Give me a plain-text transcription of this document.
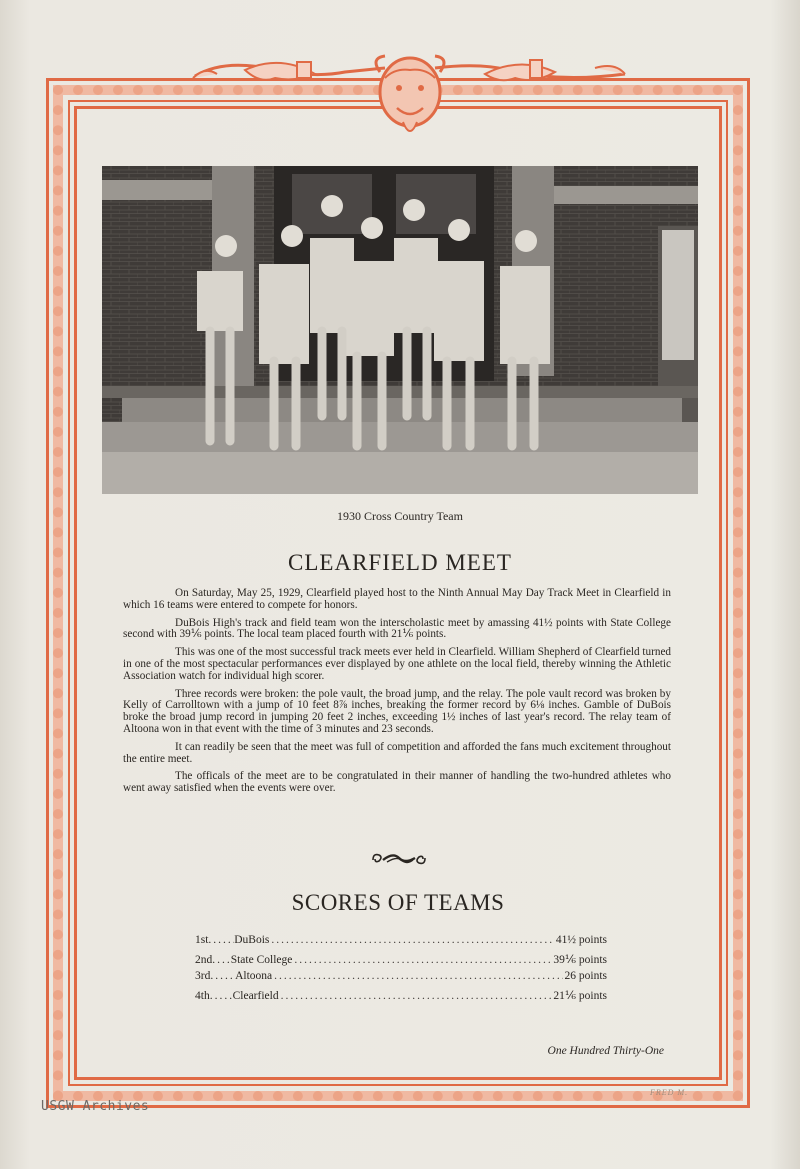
1930 Cross Country Team
CLEARFIELD MEET

On Saturday, May 25, 1929, Clearfield played host to the Ninth Annual May Day Track Meet in Clearfield in which 16 teams were entered to compete for honors.

DuBois High's track and field team won the interscholastic meet by amassing 41½ points with State College second with 39⅙ points. The local team placed fourth with 21⅙ points.

This was one of the most successful track meets ever held in Clearfield. William Shepherd of Clearfield turned in one of the most spectacular performances ever displayed by one athlete on the local field, thereby winning the Athletic Association watch for individual high scorer.

Three records were broken: the pole vault, the broad jump, and the relay. The pole vault record was broken by Kelly of Carrolltown with a jump of 10 feet 8⅞ inches, breaking the former record by 6⅛ inches. Gamble of DuBois broke the broad jump record in jumping 20 feet 2 inches, exceeding 1½ inches of last year's record. The relay team of Altoona won in that event with the time of 3 minutes and 23 seconds.

It can readily be seen that the meet was full of competition and afforded the fans much excitement throughout the entire meet.

The officals of the meet are to be congratulated in their manner of handling the two-hundred athletes who went away satisfied when the events were over.

SCORES OF TEAMS
1st ..... DuBois .....	41½ points
2nd ..... State College .....	39⅙ points
3rd ..... Altoona .....	26 points
4th ..... Clearfield .....	21⅙ points
One Hundred Thirty-One
FRED M.
USGW Archives
